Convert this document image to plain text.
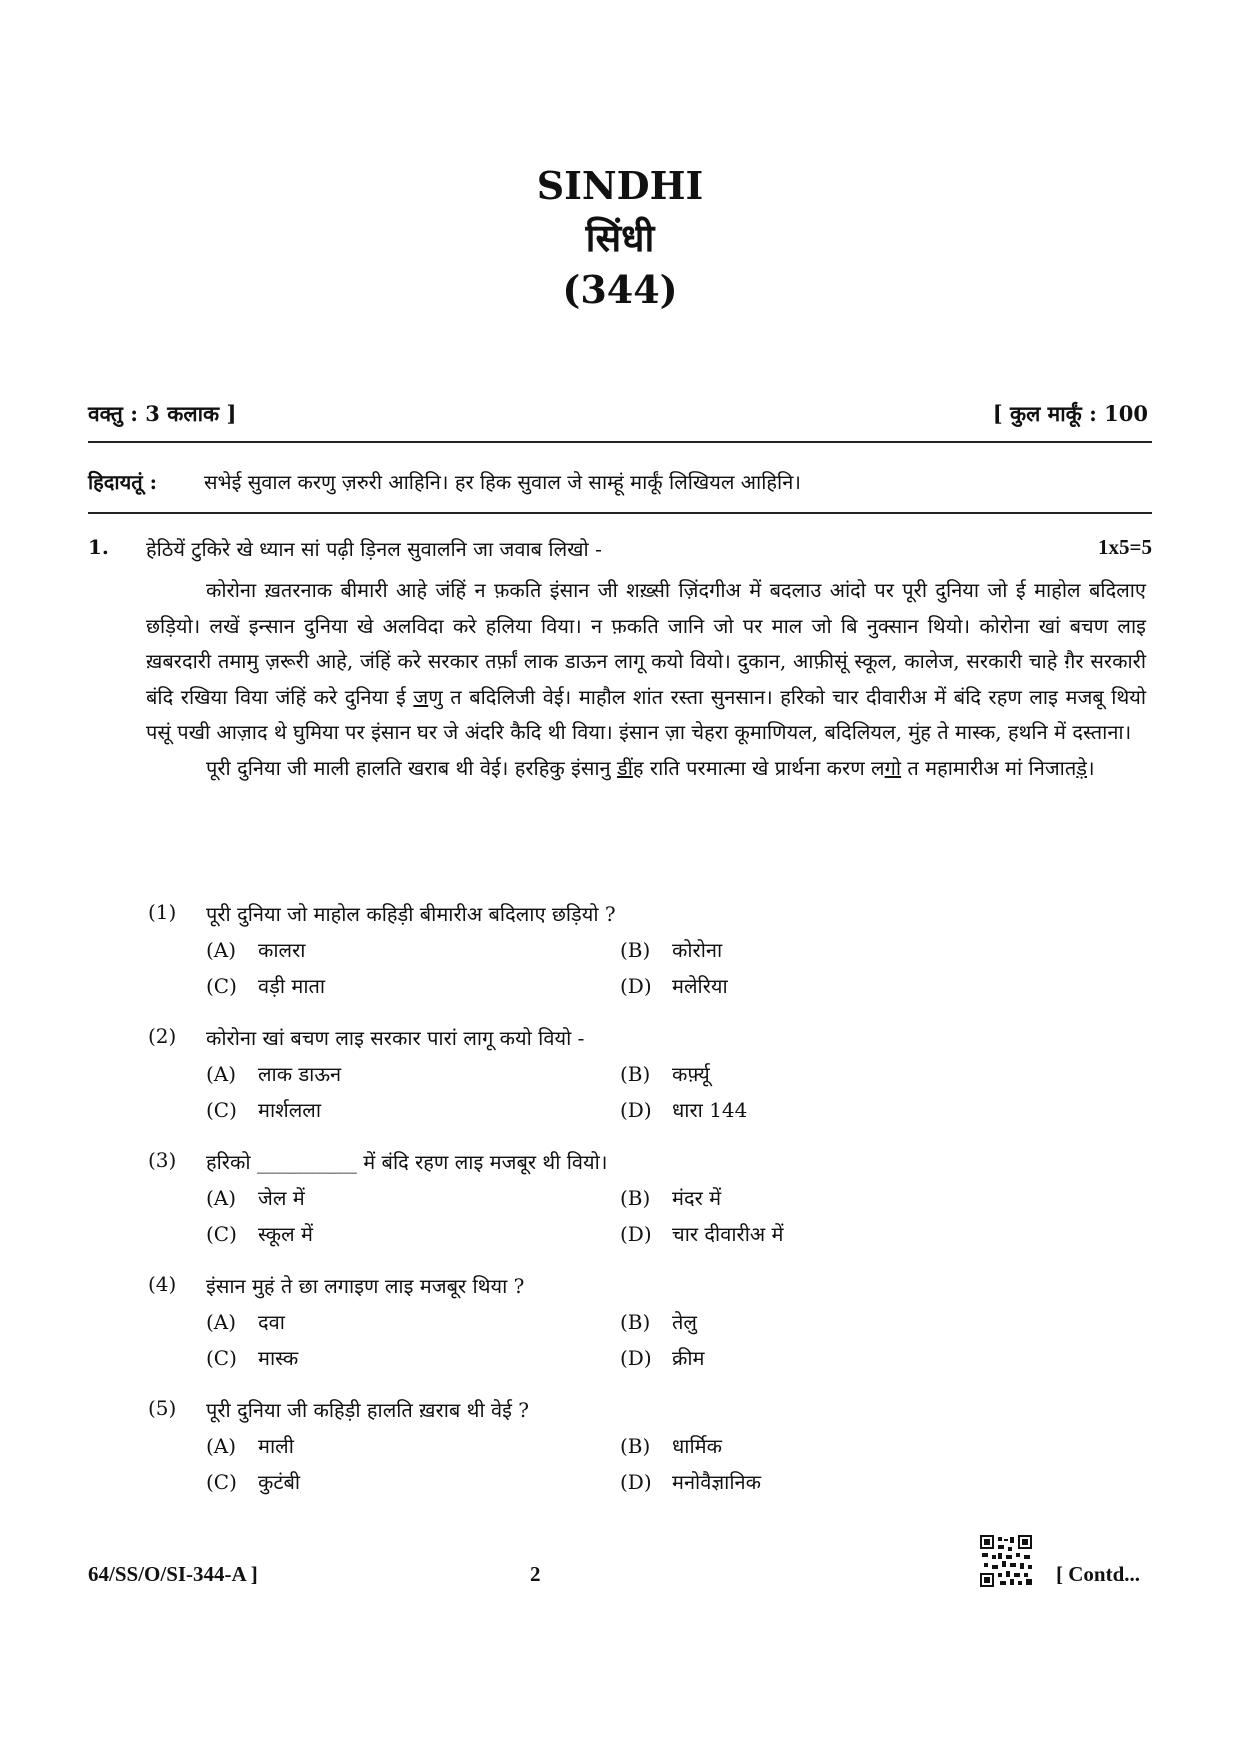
SINDHI
सिंधी
(344)
वक्तु : 3 कलाक ]	[ कुल मार्कूं : 100
हिदायतूं :	सभेई सुवाल करणु ज़रुरी आहिनि। हर हिक सुवाल जे साम्हूं मार्कूं लिखियल आहिनि।
1. हेठियें टुकिरे खे ध्यान सां पढ़ी ड़िनल सुवालनि जा जवाब लिखो -	1x5=5

कोरोना ख़तरनाक बीमारी आहे जंहिं न फ़कति इंसान जी शख़्सी ज़िंदगीअ में बदलाउ आंदो पर पूरी दुनिया जो ई माहोल बदिलाए छड़ियो। लखें इन्सान दुनिया खे अलविदा करे हलिया विया। न फ़कति जानि जो पर माल जो बि नुक्सान थियो। कोरोना खां बचण लाइ ख़बरदारी तमामु ज़रूरी आहे, जंहिं करे सरकार तर्फ़ां लाक डाऊन लागू कयो वियो। दुकान, आफ़ीसूं स्कूल, कालेज, सरकारी चाहे ग़ैर सरकारी बंदि रखिया विया जंहिं करे दुनिया ई जणु त बदिलिजी वेई। माहौल शांत रस्ता सुनसान। हरिको चार दीवारीअ में बंदि रहण लाइ मजबू थियो पसूं पखी आज़ाद थे घुमिया पर इंसान घर जे अंदरि कैदि थी विया। इंसान ज़ा चेहरा कूमाणियल, बदिलियल, मुंह ते मास्क, हथनि में दस्ताना।

पूरी दुनिया जी माली हालति खराब थी वेई। हरहिकु इंसानु डींह राति परमात्मा खे प्रार्थना करण लगो त महामारीअ मां निजातड़े।

(1) पूरी दुनिया जो माहोल कहिड़ी बीमारीअ बदिलाए छड़ियो ?
(A) कालरा	(B) कोरोना
(C) वड़ी माता	(D) मलेरिया
(2) कोरोना खां बचण लाइ सरकार पारां लागू कयो वियो -
(A) लाक डाऊन	(B) कर्फ़्यू
(C) मार्शलला	(D) धारा 144
(3) हरिको __________ में बंदि रहण लाइ मजबूर थी वियो।
(A) जेल में	(B) मंदर में
(C) स्कूल में	(D) चार दीवारीअ में
(4) इंसान मुहं ते छा लगाइण लाइ मजबूर थिया ?
(A) दवा	(B) तेलु
(C) मास्क	(D) क्रीम
(5) पूरी दुनिया जी कहिड़ी हालति ख़राब थी वेई ?
(A) माली	(B) धार्मिक
(C) कुटंबी	(D) मनोवैज्ञानिक
64/SS/O/SI-344-A ]	2	[ Contd...
